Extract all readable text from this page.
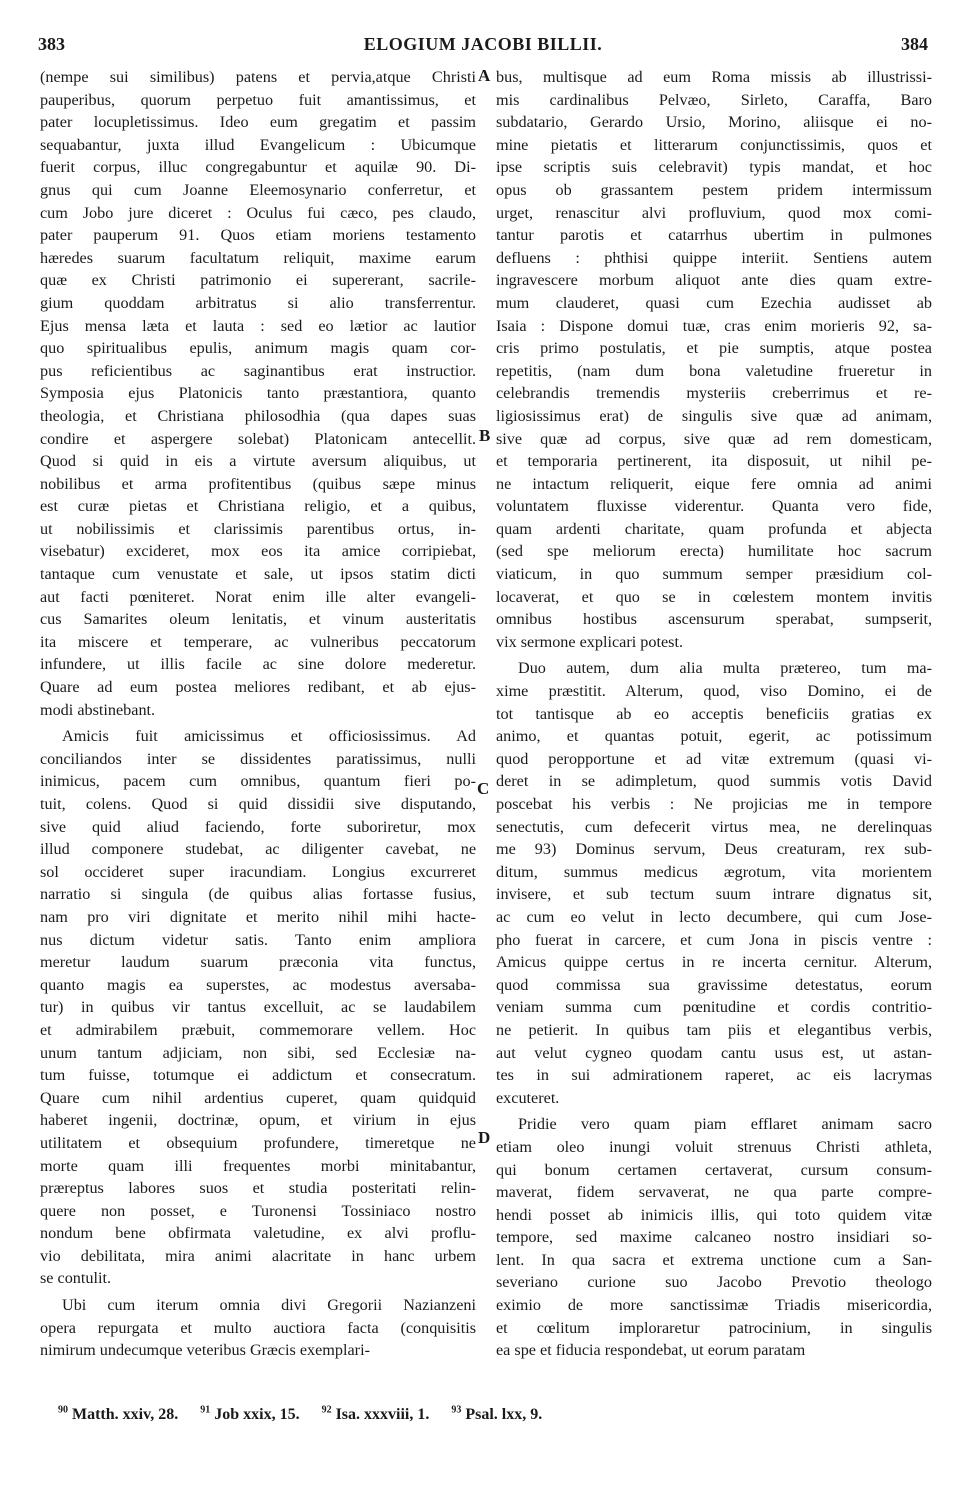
383	ELOGIUM JACOBI BILLII.	384
A
B
C
D
(nempe sui similibus) patens et pervia,atque Christi
pauperibus, quorum perpetuo fuit amantissimus, et
pater locupletissimus. Ideo eum gregatim et passim
sequabantur, juxta illud Evangelicum : Ubicumque
fuerit corpus, illuc congregabuntur et aquilæ 90. Di-
gnus qui cum Joanne Eleemosynario conferretur, et
cum Jobo jure diceret : Oculus fui cæco, pes claudo,
pater pauperum 91. Quos etiam moriens testamento
hæredes suarum facultatum reliquit, maxime earum
quæ ex Christi patrimonio ei supererant, sacrile-
gium quoddam arbitratus si alio transferrentur.
Ejus mensa læta et lauta : sed eo lætior ac lautior
quo spiritualibus epulis, animum magis quam cor-
pus reficientibus ac saginantibus erat instructior.
Symposia ejus Platonicis tanto præstantiora, quanto
theologia, et Christiana philosodhia (qua dapes suas
condire et aspergere solebat) Platonicam antecellit.
Quod si quid in eis a virtute aversum aliquibus, ut
nobilibus et arma profitentibus (quibus sæpe minus
est curæ pietas et Christiana religio, et a quibus,
ut nobilissimis et clarissimis parentibus ortus, in-
visebatur) excideret, mox eos ita amice corripiebat,
tantaque cum venustate et sale, ut ipsos statim dicti
aut facti pœniteret. Norat enim ille alter evangeli-
cus Samarites oleum lenitatis, et vinum austeritatis
ita miscere et temperare, ac vulneribus peccatorum
infundere, ut illis facile ac sine dolore mederetur.
Quare ad eum postea meliores redibant, et ab ejus-
modi abstinebant.
Amicis fuit amicissimus et officiosissimus. Ad
conciliandos inter se dissidentes paratissimus, nulli
inimicus, pacem cum omnibus, quantum fieri po-
tuit, colens. Quod si quid dissidii sive disputando,
sive quid aliud faciendo, forte suboriretur, mox
illud componere studebat, ac diligenter cavebat, ne
sol occideret super iracundiam. Longius excurreret
narratio si singula (de quibus alias fortasse fusius,
nam pro viri dignitate et merito nihil mihi hacte-
nus dictum videtur satis. Tanto enim ampliora
meretur laudum suarum præconia vita functus,
quanto magis ea superstes, ac modestus aversaba-
tur) in quibus vir tantus excelluit, ac se laudabilem
et admirabilem præbuit, commemorare vellem. Hoc
unum tantum adjiciam, non sibi, sed Ecclesiæ na-
tum fuisse, totumque ei addictum et consecratum.
Quare cum nihil ardentius cuperet, quam quidquid
haberet ingenii, doctrinæ, opum, et virium in ejus
utilitatem et obsequium profundere, timeretque ne
morte quam illi frequentes morbi minitabantur,
præreptus labores suos et studia posteritati relin-
quere non posset, e Turonensi Tossiniaco nostro
nondum bene obfirmata valetudine, ex alvi proflu-
vio debilitata, mira animi alacritate in hanc urbem
se contulit.
Ubi cum iterum omnia divi Gregorii Nazianzeni
opera repurgata et multo auctiora facta (conquisitis
nimirum undecumque veteribus Græcis exemplari-
bus, multisque ad eum Roma missis ab illustrissi-
mis cardinalibus Pelvæo, Sirleto, Caraffa, Baro
subdatario, Gerardo Ursio, Morino, aliisque ei no-
mine pietatis et litterarum conjunctissimis, quos et
ipse scriptis suis celebravit) typis mandat, et hoc
opus ob grassantem pestem pridem intermissum
urget, renascitur alvi profluvium, quod mox comi-
tantur parotis et catarrhus ubertim in pulmones
defluens : phthisi quippe interiit. Sentiens autem
ingravescere morbum aliquot ante dies quam extre-
mum clauderet, quasi cum Ezechia audisset ab
Isaia : Dispone domui tuæ, cras enim morieris 92, sa-
cris primo postulatis, et pie sumptis, atque postea
repetitis, (nam dum bona valetudine frueretur in
celebrandis tremendis mysteriis creberrimus et re-
ligiosissimus erat) de singulis sive quæ ad animam,
sive quæ ad corpus, sive quæ ad rem domesticam,
et temporaria pertinerent, ita disposuit, ut nihil pe-
ne intactum reliquerit, eique fere omnia ad animi
voluntatem fluxisse viderentur. Quanta vero fide,
quam ardenti charitate, quam profunda et abjecta
(sed spe meliorum erecta) humilitate hoc sacrum
viaticum, in quo summum semper præsidium col-
locaverat, et quo se in cœlestem montem invitis
omnibus hostibus ascensurum sperabat, sumpserit,
vix sermone explicari potest.
Duo autem, dum alia multa prætereo, tum ma-
xime præstitit. Alterum, quod, viso Domino, ei de
tot tantisque ab eo acceptis beneficiis gratias ex
animo, et quantas potuit, egerit, ac potissimum
quod peropportune et ad vitæ extremum (quasi vi-
deret in se adimpletum, quod summis votis David
poscebat his verbis : Ne projicias me in tempore
senectutis, cum defecerit virtus mea, ne derelinquas
me 93) Dominus servum, Deus creaturam, rex sub-
ditum, summus medicus ægrotum, vita morientem
invisere, et sub tectum suum intrare dignatus sit,
ac cum eo velut in lecto decumbere, qui cum Jose-
pho fuerat in carcere, et cum Jona in piscis ventre :
Amicus quippe certus in re incerta cernitur. Alterum,
quod commissa sua gravissime detestatus, eorum
veniam summa cum pœnitudine et cordis contritio-
ne petierit. In quibus tam piis et elegantibus verbis,
aut velut cygneo quodam cantu usus est, ut astan-
tes in sui admirationem raperet, ac eis lacrymas
excuteret.
Pridie vero quam piam efflaret animam sacro
etiam oleo inungi voluit strenuus Christi athleta,
qui bonum certamen certaverat, cursum consum-
maverat, fidem servaverat, ne qua parte compre-
hendi posset ab inimicis illis, qui toto quidem vitæ
tempore, sed maxime calcaneo nostro insidiari so-
lent. In qua sacra et extrema unctione cum a San-
severiano curione suo Jacobo Prevotio theologo
eximio de more sanctissimæ Triadis misericordia,
et cœlitum imploraretur patrocinium, in singulis
ea spe et fiducia respondebat, ut eorum paratam
$^{90}$ Matth. xxiv, 28. $^{91}$ Job xxix, 15. $^{92}$ Isa. xxxviii, 1. $^{93}$ Psal. lxx, 9.
